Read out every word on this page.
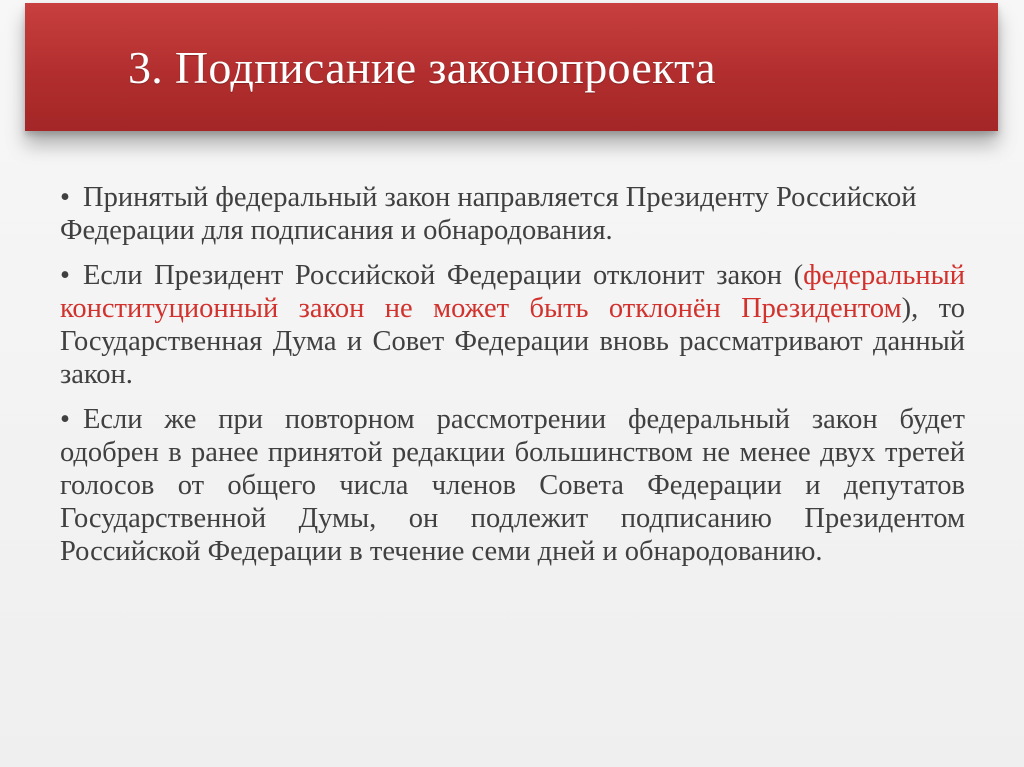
3. Подписание законопроекта

• Принятый федеральный закон направляется Президенту Российской Федерации для подписания и обнародования.

• Если Президент Российской Федерации отклонит закон (федеральный конституционный закон не может быть отклонён Президентом), то Государственная Дума и Совет Федерации вновь рассматривают данный закон.

• Если же при повторном рассмотрении федеральный закон будет одобрен в ранее принятой редакции большинством не менее двух третей голосов от общего числа членов Совета Федерации и депутатов Государственной Думы, он подлежит подписанию Президентом Российской Федерации в течение семи дней и обнародованию.
